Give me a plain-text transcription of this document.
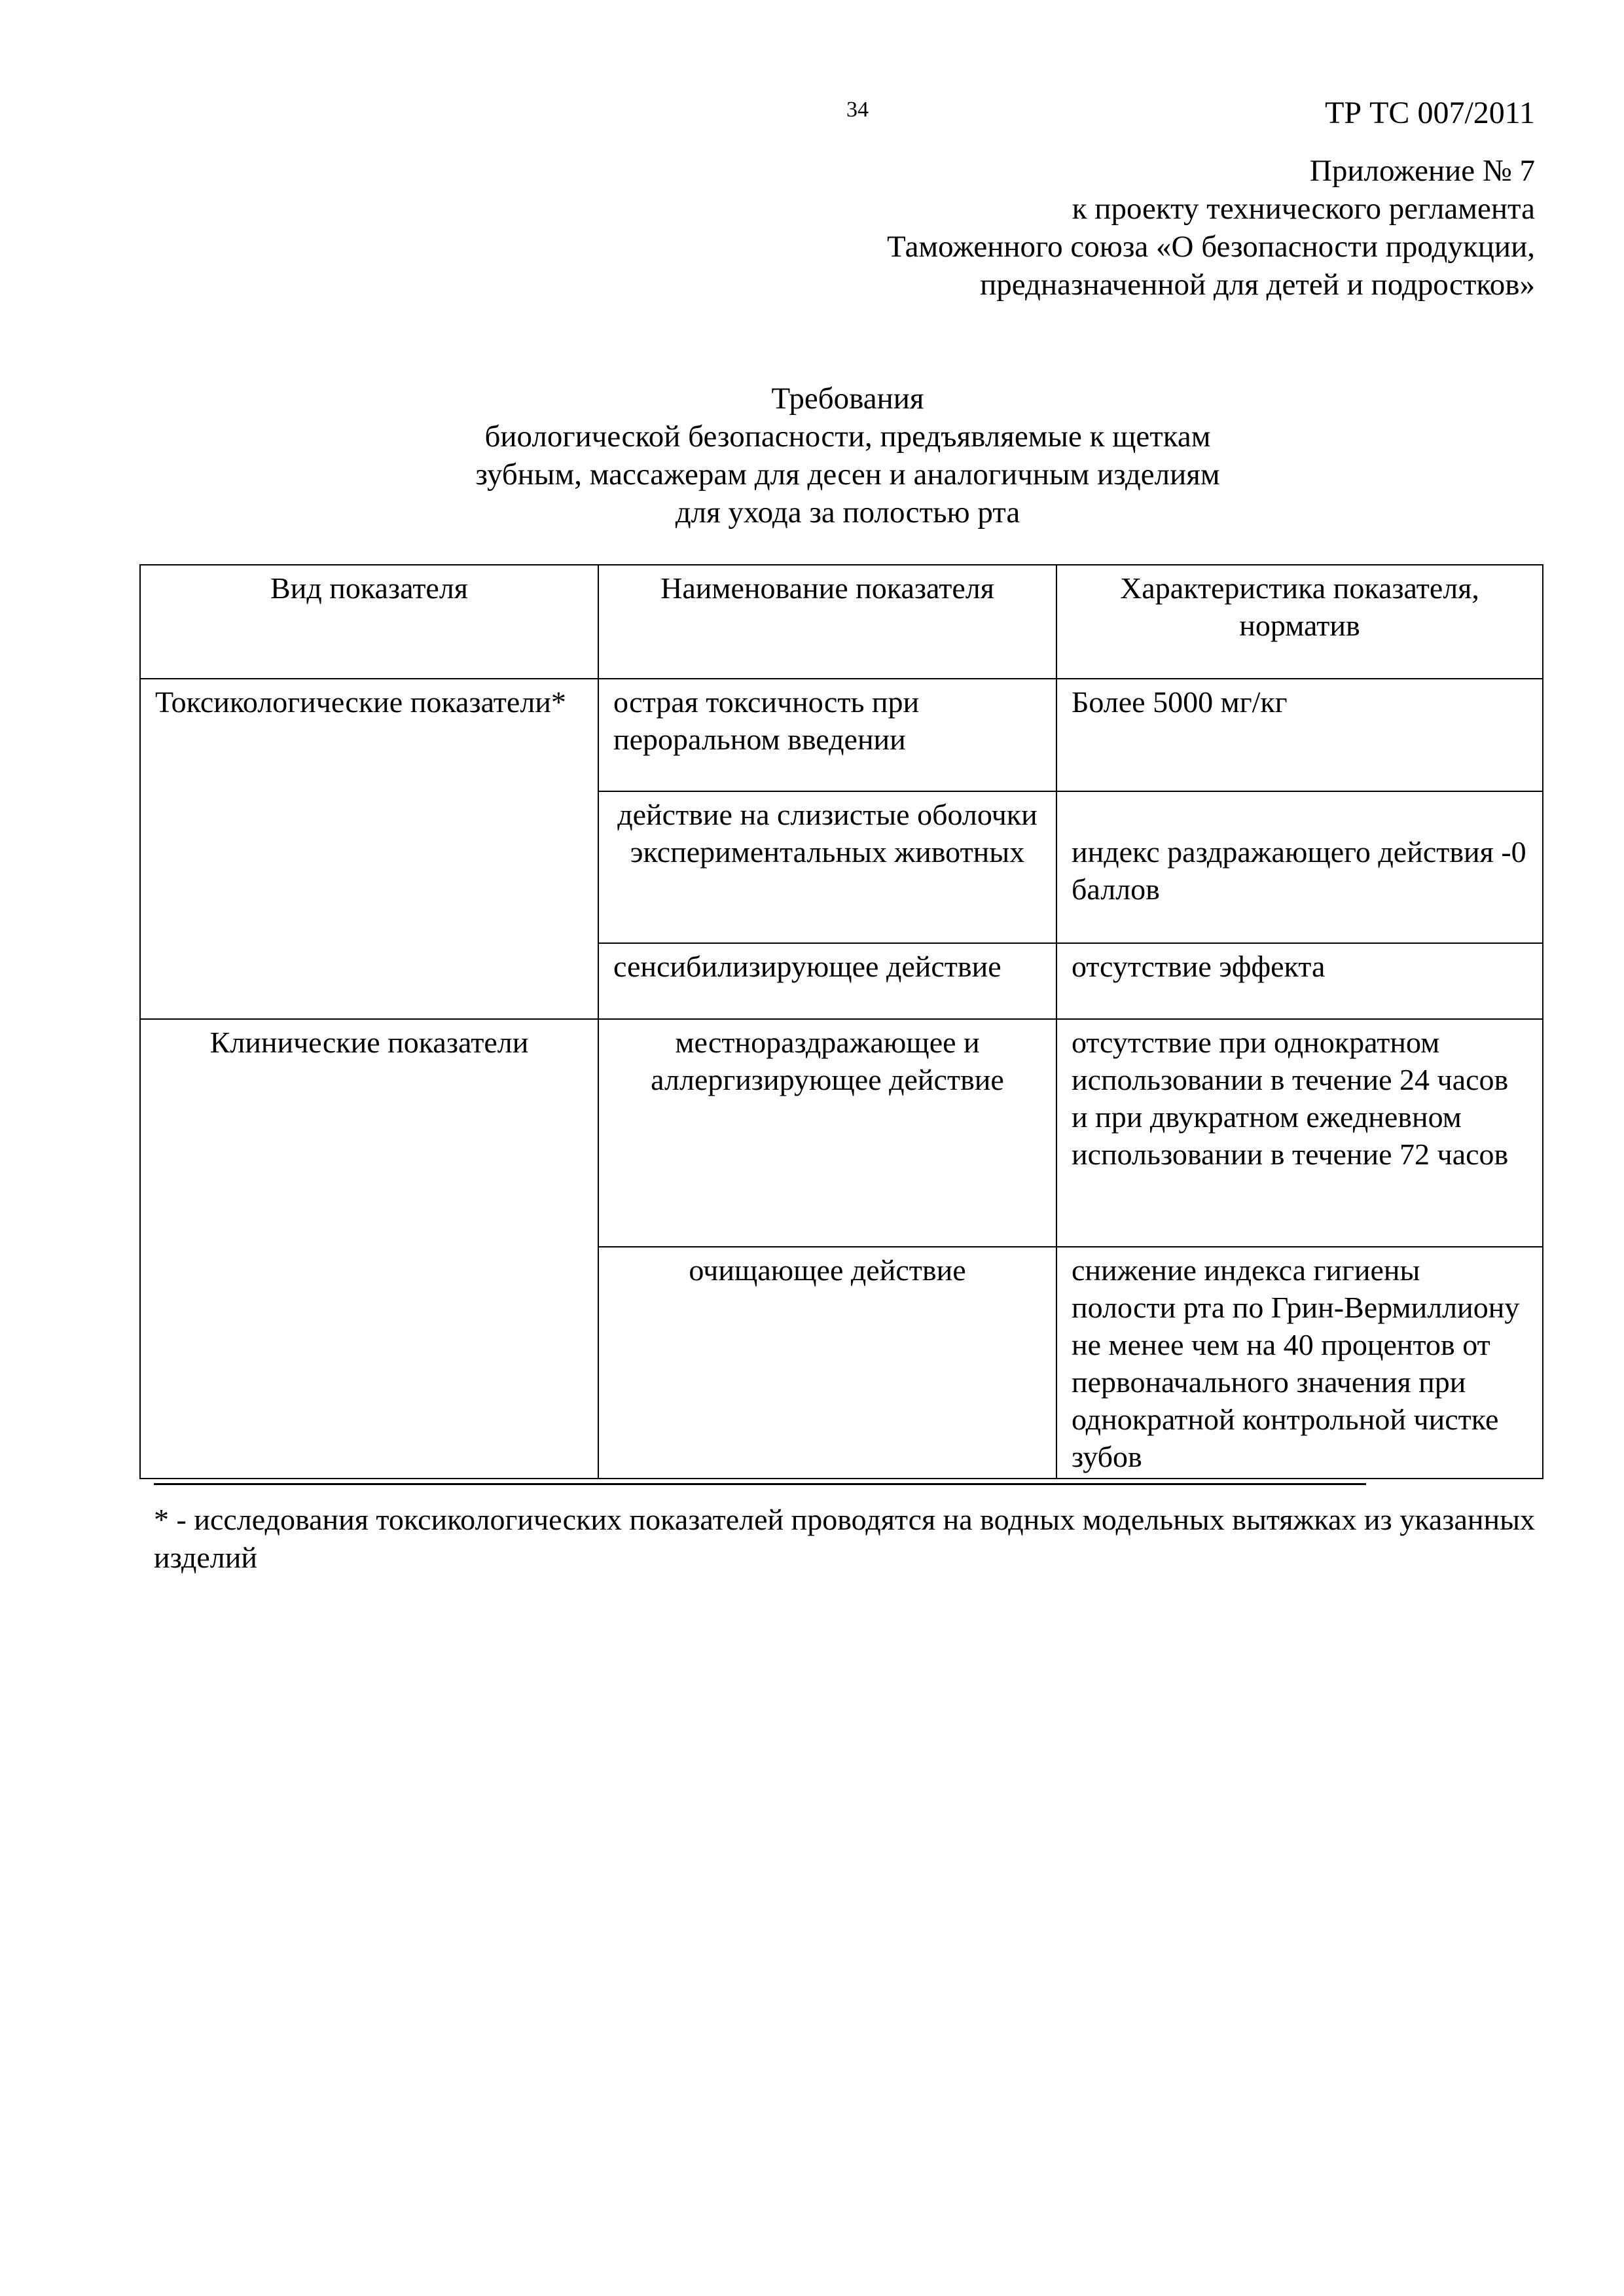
34	ТР ТС 007/2011
Приложение № 7
к проекту технического регламента
Таможенного союза «О безопасности продукции,
предназначенной для детей и подростков»
Требования
биологической безопасности, предъявляемые к щеткам
зубным, массажерам для десен и аналогичным изделиям
для ухода за полостью рта
Вид показателя	Наименование показателя	Характеристика показателя, норматив
Токсикологические показатели*	острая токсичность при пероральном введении	Более 5000 мг/кг
	действие на слизистые оболочки экспериментальных животных	индекс раздражающего действия -0 баллов
	сенсибилизирующее действие	отсутствие эффекта
Клинические показатели	местнораздражающее и аллергизирующее действие	отсутствие при однократном использовании в течение 24 часов и при двукратном ежедневном использовании в течение 72 часов
	очищающее действие	снижение индекса гигиены полости рта по Грин-Вермиллиону не менее чем на 40 процентов от первоначального значения при однократной контрольной чистке зубов
* - исследования токсикологических показателей проводятся на водных модельных вытяжках из указанных изделий
